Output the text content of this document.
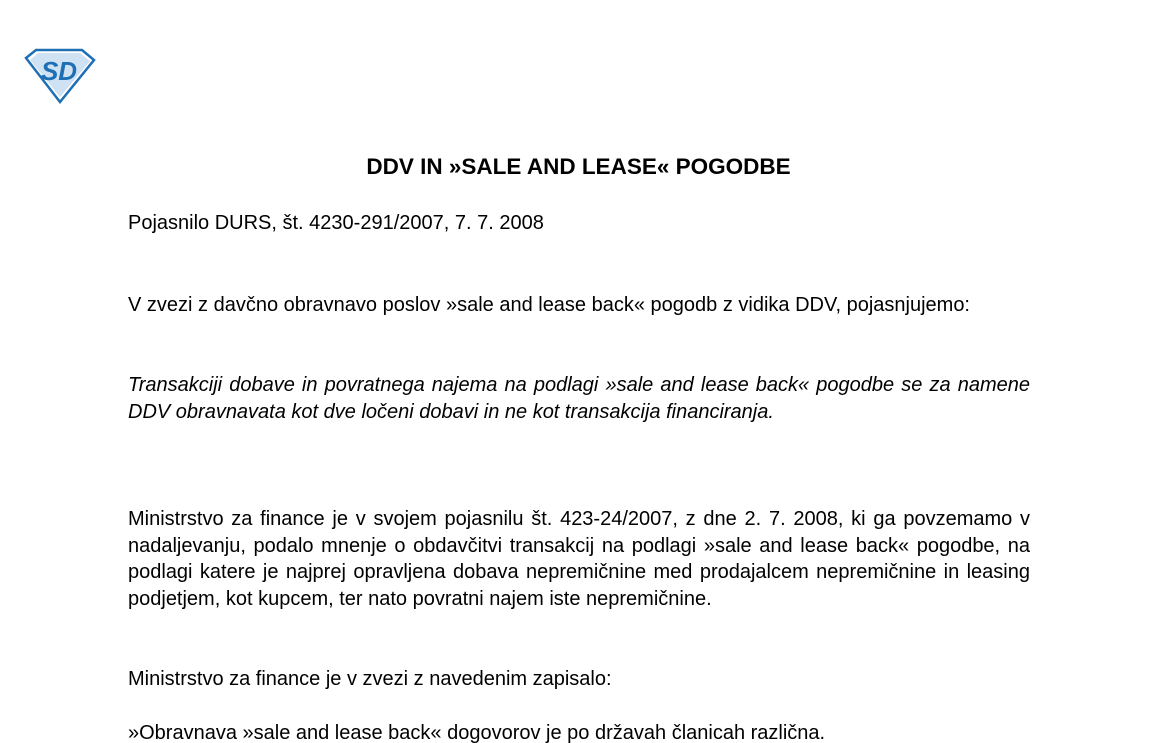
SD
DDV IN »SALE AND LEASE« POGODBE

Pojasnilo DURS, št. 4230-291/2007, 7. 7. 2008

V zvezi z davčno obravnavo poslov »sale and lease back« pogodb z vidika DDV, pojasnjujemo:

Transakciji dobave in povratnega najema na podlagi »sale and lease back« pogodbe se za namene DDV obravnavata kot dve ločeni dobavi in ne kot transakcija financiranja.

Ministrstvo za finance je v svojem pojasnilu št. 423-24/2007, z dne 2. 7. 2008, ki ga povzemamo v nadaljevanju, podalo mnenje o obdavčitvi transakcij na podlagi »sale and lease back« pogodbe, na podlagi katere je najprej opravljena dobava nepremičnine med prodajalcem nepremičnine in leasing podjetjem, kot kupcem, ter nato povratni najem iste nepremičnine.

Ministrstvo za finance je v zvezi z navedenim zapisalo:

»Obravnava »sale and lease back« dogovorov je po državah članicah različna.
